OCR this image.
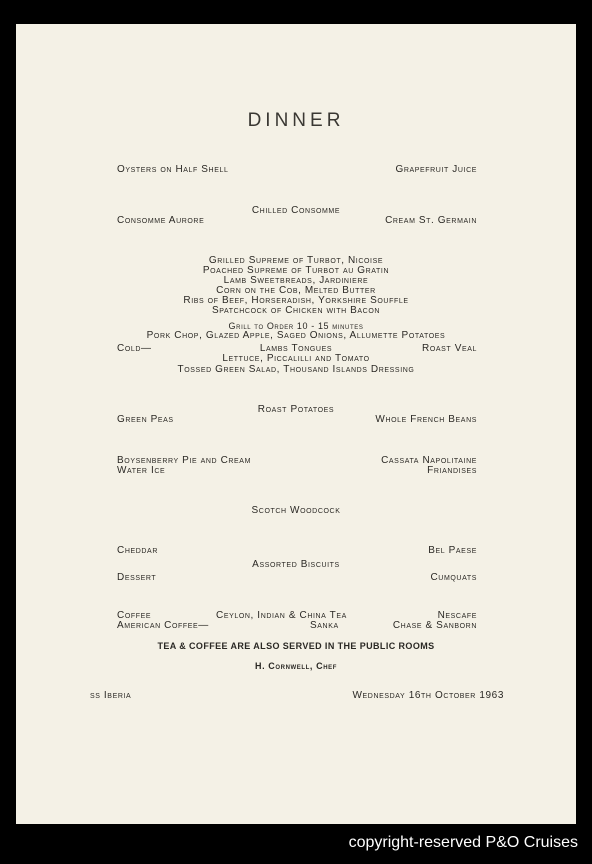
DINNER
Oysters on Half Shell	Grapefruit Juice
Chilled Consomme
Consomme Aurore	Cream St. Germain
Grilled Supreme of Turbot, Nicoise
Poached Supreme of Turbot au Gratin
Lamb Sweetbreads, Jardiniere
Corn on the Cob, Melted Butter
Ribs of Beef, Horseradish, Yorkshire Souffle
Spatchcock of Chicken with Bacon
Grill to Order 10 - 15 minutes
Pork Chop, Glazed Apple, Saged Onions, Allumette Potatoes
Cold—	Lambs Tongues	Roast Veal
Lettuce, Piccalilli and Tomato
Tossed Green Salad, Thousand Islands Dressing
Roast Potatoes
Green Peas	Whole French Beans
Boysenberry Pie and Cream	Cassata Napolitaine
Water Ice	Friandises
Scotch Woodcock
Cheddar	Bel Paese
Assorted Biscuits
Dessert	Cumquats
Coffee	Ceylon, Indian & China Tea	Nescafe
American Coffee—	Sanka	Chase & Sanborn
TEA & COFFEE ARE ALSO SERVED IN THE PUBLIC ROOMS
H. Cornwell, Chef
ss Iberia	Wednesday 16th October 1963
copyright-reserved P&O Cruises
